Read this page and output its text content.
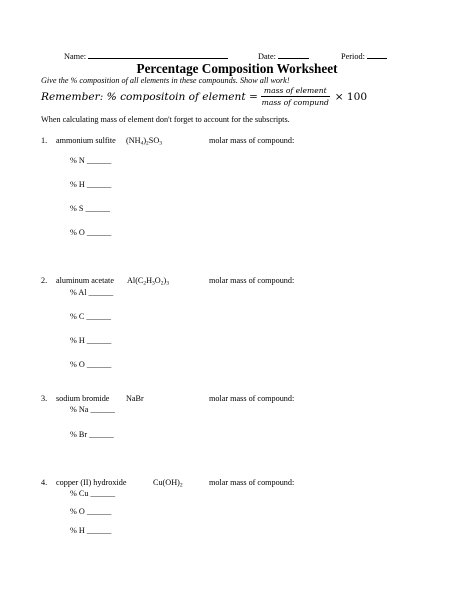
Name:	Date:	Period:
Percentage Composition Worksheet
Give the % composition of all elements in these compounds. Show all work!
Remember: % compositoin of element = $\frac{\text{mass of element}}{\text{mass of compund}} \times 100$
When calculating mass of element don't forget to account for the subscripts.
1. ammonium sulfite $(NH_4)_2SO_3$	molar mass of compound:
% N ______
% H ______
% S ______
% O ______
2. aluminum acetate $Al(C_2H_3O_2)_3$	molar mass of compound:
% Al ______
% C ______
% H ______
% O ______
3. sodium bromide NaBr	molar mass of compound:
% Na ______
% Br ______
4. copper (II) hydroxide	$Cu(OH)_2$	molar mass of compound:
% Cu ______
% O ______
% H ______
